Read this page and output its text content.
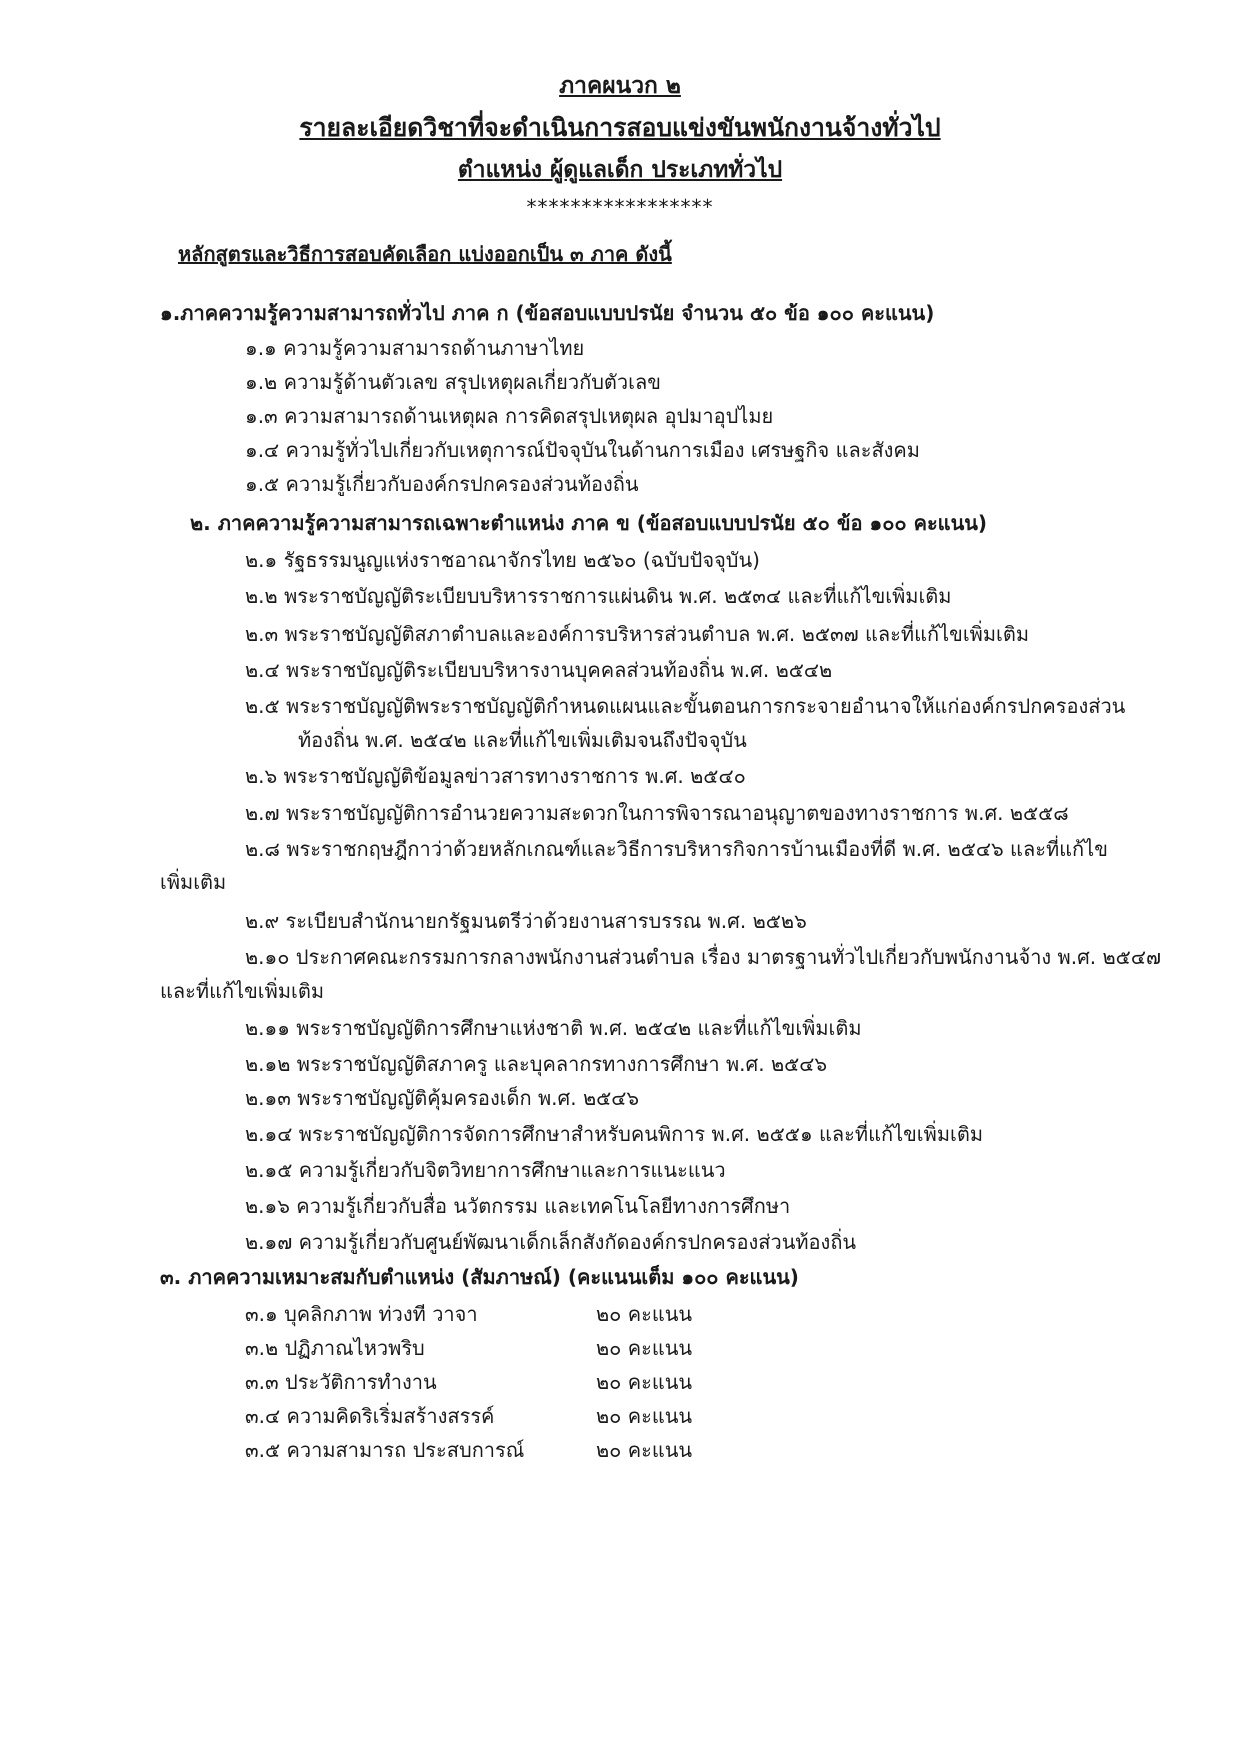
ภาคผนวก ๒
รายละเอียดวิชาที่จะดำเนินการสอบแข่งขันพนักงานจ้างทั่วไป
ตำแหน่ง ผู้ดูแลเด็ก ประเภททั่วไป
*****************
หลักสูตรและวิธีการสอบคัดเลือก แบ่งออกเป็น ๓ ภาค ดังนี้
๑.ภาคความรู้ความสามารถทั่วไป ภาค ก (ข้อสอบแบบปรนัย จำนวน ๕๐ ข้อ ๑๐๐ คะแนน)
๑.๑ ความรู้ความสามารถด้านภาษาไทย
๑.๒ ความรู้ด้านตัวเลข สรุปเหตุผลเกี่ยวกับตัวเลข
๑.๓ ความสามารถด้านเหตุผล การคิดสรุปเหตุผล อุปมาอุปไมย
๑.๔ ความรู้ทั่วไปเกี่ยวกับเหตุการณ์ปัจจุบันในด้านการเมือง เศรษฐกิจ และสังคม
๑.๕ ความรู้เกี่ยวกับองค์กรปกครองส่วนท้องถิ่น
๒. ภาคความรู้ความสามารถเฉพาะตำแหน่ง ภาค ข (ข้อสอบแบบปรนัย ๕๐ ข้อ ๑๐๐ คะแนน)
๒.๑ รัฐธรรมนูญแห่งราชอาณาจักรไทย ๒๕๖๐ (ฉบับปัจจุบัน)
๒.๒ พระราชบัญญัติระเบียบบริหารราชการแผ่นดิน พ.ศ. ๒๕๓๔ และที่แก้ไขเพิ่มเติม
๒.๓ พระราชบัญญัติสภาตำบลและองค์การบริหารส่วนตำบล พ.ศ. ๒๕๓๗ และที่แก้ไขเพิ่มเติม
๒.๔ พระราชบัญญัติระเบียบบริหารงานบุคคลส่วนท้องถิ่น พ.ศ. ๒๕๔๒
๒.๕ พระราชบัญญัติพระราชบัญญัติกำหนดแผนและขั้นตอนการกระจายอำนาจให้แก่องค์กรปกครองส่วน
ท้องถิ่น พ.ศ. ๒๕๔๒ และที่แก้ไขเพิ่มเติมจนถึงปัจจุบัน
๒.๖ พระราชบัญญัติข้อมูลข่าวสารทางราชการ พ.ศ. ๒๕๔๐
๒.๗ พระราชบัญญัติการอำนวยความสะดวกในการพิจารณาอนุญาตของทางราชการ พ.ศ. ๒๕๕๘
๒.๘ พระราชกฤษฎีกาว่าด้วยหลักเกณฑ์และวิธีการบริหารกิจการบ้านเมืองที่ดี พ.ศ. ๒๕๔๖ และที่แก้ไข
เพิ่มเติม
๒.๙ ระเบียบสำนักนายกรัฐมนตรีว่าด้วยงานสารบรรณ พ.ศ. ๒๕๒๖
๒.๑๐ ประกาศคณะกรรมการกลางพนักงานส่วนตำบล เรื่อง มาตรฐานทั่วไปเกี่ยวกับพนักงานจ้าง พ.ศ. ๒๕๔๗
และที่แก้ไขเพิ่มเติม
๒.๑๑ พระราชบัญญัติการศึกษาแห่งชาติ พ.ศ. ๒๕๔๒ และที่แก้ไขเพิ่มเติม
๒.๑๒ พระราชบัญญัติสภาครู และบุคลากรทางการศึกษา พ.ศ. ๒๕๔๖
๒.๑๓ พระราชบัญญัติคุ้มครองเด็ก พ.ศ. ๒๕๔๖
๒.๑๔ พระราชบัญญัติการจัดการศึกษาสำหรับคนพิการ พ.ศ. ๒๕๕๑ และที่แก้ไขเพิ่มเติม
๒.๑๕ ความรู้เกี่ยวกับจิตวิทยาการศึกษาและการแนะแนว
๒.๑๖ ความรู้เกี่ยวกับสื่อ นวัตกรรม และเทคโนโลยีทางการศึกษา
๒.๑๗ ความรู้เกี่ยวกับศูนย์พัฒนาเด็กเล็กสังกัดองค์กรปกครองส่วนท้องถิ่น
๓. ภาคความเหมาะสมกับตำแหน่ง (สัมภาษณ์) (คะแนนเต็ม ๑๐๐ คะแนน)
๓.๑ บุคลิกภาพ ท่วงที วาจา	๒๐ คะแนน
๓.๒ ปฏิภาณไหวพริบ	๒๐ คะแนน
๓.๓ ประวัติการทำงาน	๒๐ คะแนน
๓.๔ ความคิดริเริ่มสร้างสรรค์	๒๐ คะแนน
๓.๕ ความสามารถ ประสบการณ์	๒๐ คะแนน
